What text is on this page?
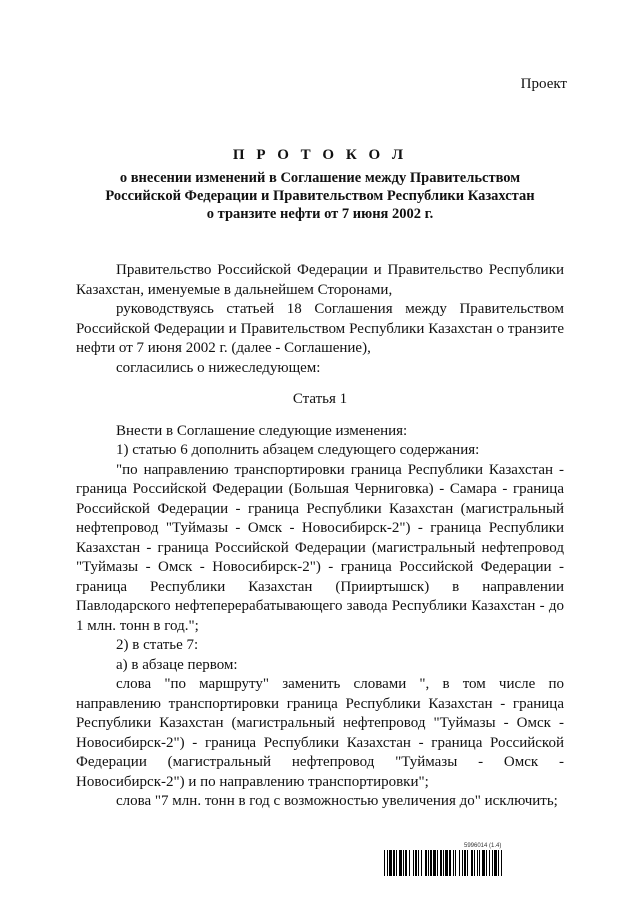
Проект
П Р О Т О К О Л
о внесении изменений в Соглашение между Правительством
Российской Федерации и Правительством Республики Казахстан
о транзите нефти от 7 июня 2002 г.

Правительство Российской Федерации и Правительство Республики Казахстан, именуемые в дальнейшем Сторонами,

руководствуясь статьей 18 Соглашения между Правительством Российской Федерации и Правительством Республики Казахстан о транзите нефти от 7 июня 2002 г. (далее - Соглашение),

согласились о нижеследующем:

Статья 1

Внести в Соглашение следующие изменения:

1) статью 6 дополнить абзацем следующего содержания:

"по направлению транспортировки граница Республики Казахстан - граница Российской Федерации (Большая Черниговка) - Самара - граница Российской Федерации - граница Республики Казахстан (магистральный нефтепровод "Туймазы - Омск - Новосибирск-2") - граница Республики Казахстан - граница Российской Федерации (магистральный нефтепровод "Туймазы - Омск - Новосибирск-2") - граница Российской Федерации - граница Республики Казахстан (Прииртышск) в направлении Павлодарского нефтеперерабатывающего завода Республики Казахстан - до 1 млн. тонн в год.";

2) в статье 7:

а) в абзаце первом:

слова "по маршруту" заменить словами ", в том числе по направлению транспортировки граница Республики Казахстан - граница Республики Казахстан (магистральный нефтепровод "Туймазы - Омск - Новосибирск-2") - граница Республики Казахстан - граница Российской Федерации (магистральный нефтепровод "Туймазы - Омск - Новосибирск-2") и по направлению транспортировки";

слова "7 млн. тонн в год с возможностью увеличения до" исключить;

5996014 (1.4)
